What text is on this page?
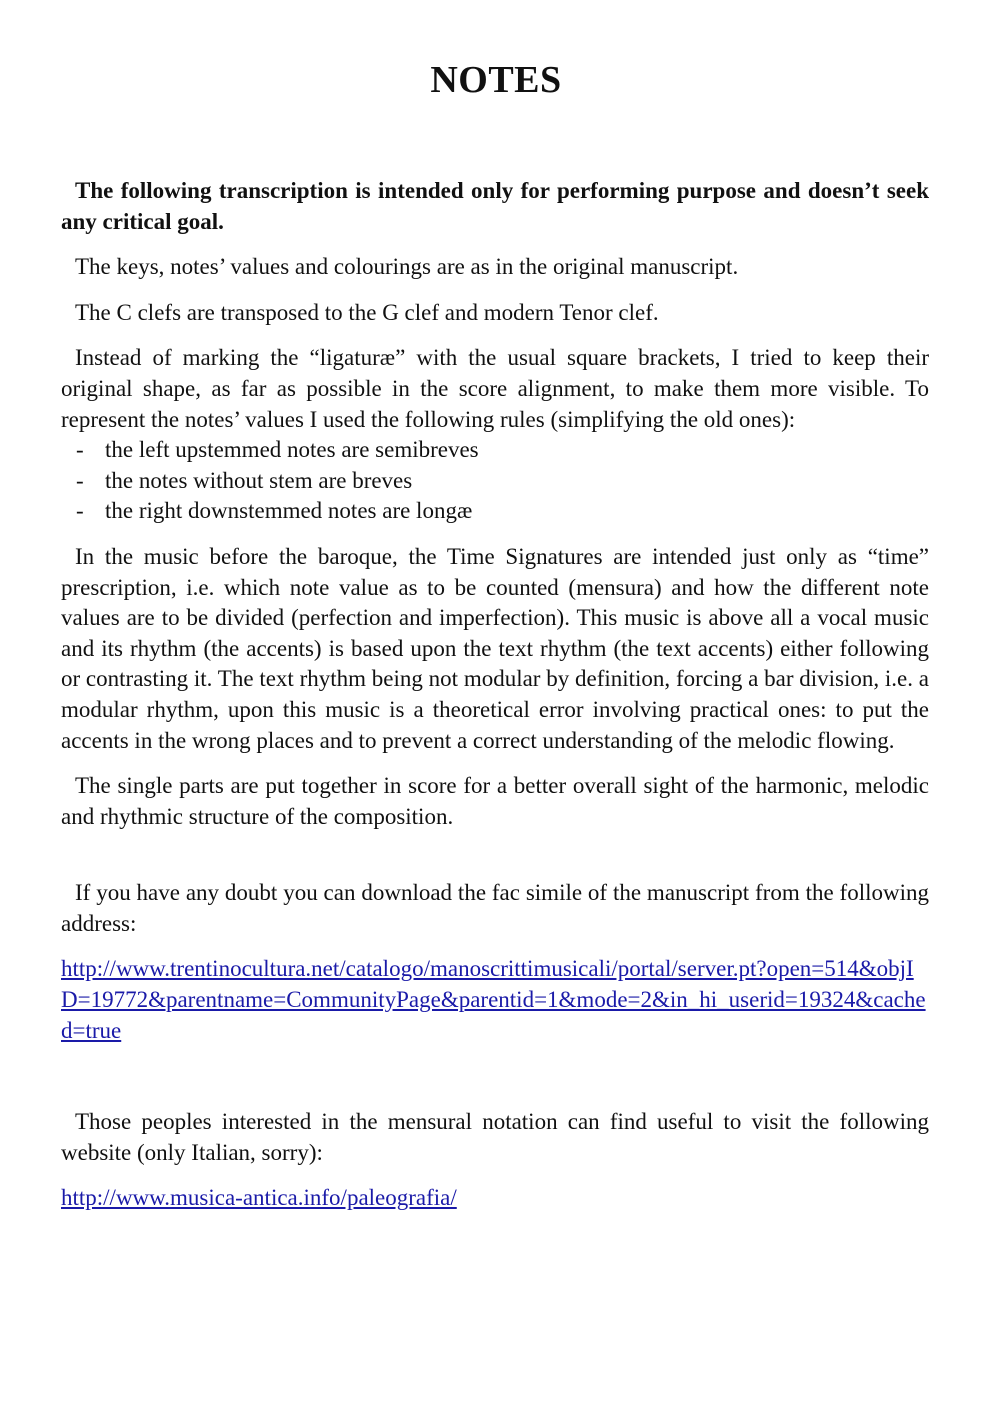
NOTES

The following transcription is intended only for performing purpose and doesn’t seek any critical goal.

The keys, notes’ values and colourings are as in the original manuscript.

The C clefs are transposed to the G clef and modern Tenor clef.

Instead of marking the “ligaturæ” with the usual square brackets, I tried to keep their original shape, as far as possible in the score alignment, to make them more visible. To represent the notes’ values I used the following rules (simplifying the old ones):

- the left upstemmed notes are semibreves
- the notes without stem are breves
- the right downstemmed notes are longæ

In the music before the baroque, the Time Signatures are intended just only as “time” prescription, i.e. which note value as to be counted (mensura) and how the different note values are to be divided (perfection and imperfection). This music is above all a vocal music and its rhythm (the accents) is based upon the text rhythm (the text accents) either following or contrasting it. The text rhythm being not modular by definition, forcing a bar division, i.e. a modular rhythm, upon this music is a theoretical error involving practical ones: to put the accents in the wrong places and to prevent a correct understanding of the melodic flowing.

The single parts are put together in score for a better overall sight of the harmonic, melodic and rhythmic structure of the composition.

If you have any doubt you can download the fac simile of the manuscript from the following address:

http://www.trentinocultura.net/catalogo/manoscrittimusicali/portal/server.pt?open=514&objID=19772&parentname=CommunityPage&parentid=1&mode=2&in_hi_userid=19324&cached=true

Those peoples interested in the mensural notation can find useful to visit the following website (only Italian, sorry):

http://www.musica-antica.info/paleografia/
